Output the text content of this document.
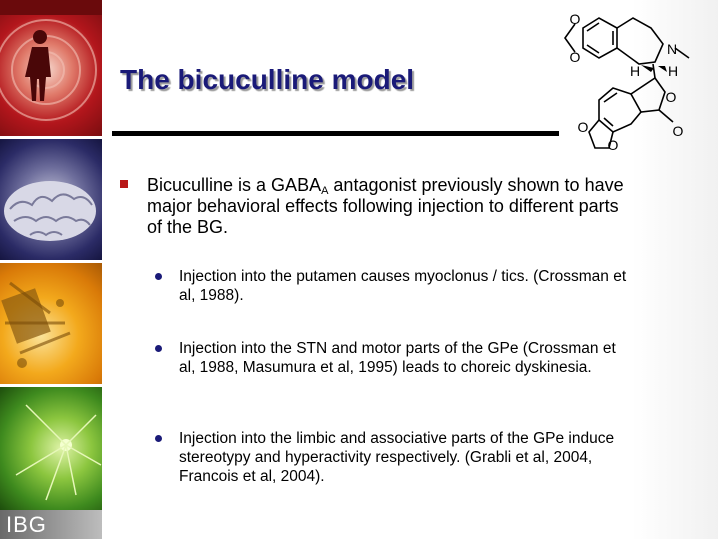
IBG
The bicuculline model
Bicuculline is a $GABA_A$ antagonist previously shown to have major behavioral effects following injection to different parts of the BG.
Injection into the putamen causes myoclonus / tics. (Crossman et al, 1988).
Injection into the STN and motor parts of the GPe (Crossman et al, 1988, Masumura et al, 1995) leads to choreic dyskinesia.
Injection into the limbic and associative parts of the GPe induce stereotypy and hyperactivity respectively. (Grabli et al, 2004, Francois et al, 2004).
O
O	N
H H
O
O
O
O
